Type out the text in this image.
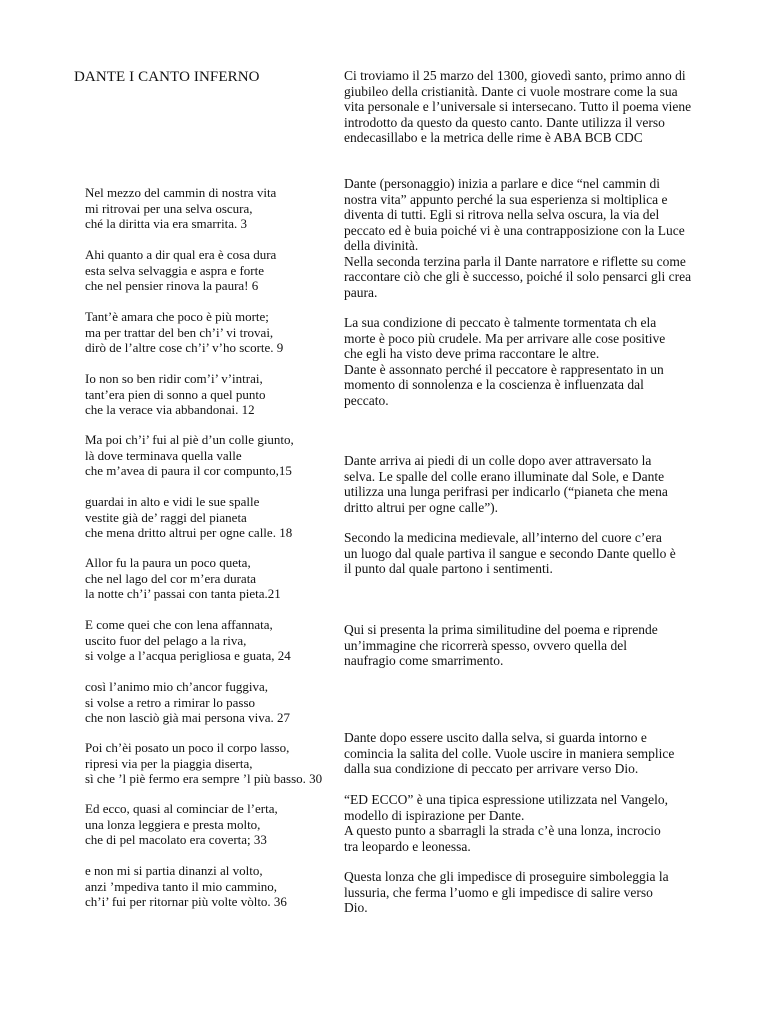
DANTE I CANTO INFERNO
Nel mezzo del cammin di nostra vita
mi ritrovai per una selva oscura,
ché la diritta via era smarrita. 3
Ahi quanto a dir qual era è cosa dura
esta selva selvaggia e aspra e forte
che nel pensier rinova la paura! 6
Tant’è amara che poco è più morte;
ma per trattar del ben ch’i’ vi trovai,
dirò de l’altre cose ch’i’ v’ho scorte. 9
Io non so ben ridir com’i’ v’intrai,
tant’era pien di sonno a quel punto
che la verace via abbandonai. 12
Ma poi ch’i’ fui al piè d’un colle giunto,
là dove terminava quella valle
che m’avea di paura il cor compunto,15
guardai in alto e vidi le sue spalle
vestite già de’ raggi del pianeta
che mena dritto altrui per ogne calle. 18
Allor fu la paura un poco queta,
che nel lago del cor m’era durata
la notte ch’i’ passai con tanta pieta.21
E come quei che con lena affannata,
uscito fuor del pelago a la riva,
si volge a l’acqua perigliosa e guata, 24
così l’animo mio ch’ancor fuggiva,
si volse a retro a rimirar lo passo
che non lasciò già mai persona viva. 27
Poi ch’èi posato un poco il corpo lasso,
ripresi via per la piaggia diserta,
sì che ’l piè fermo era sempre ’l più basso. 30
Ed ecco, quasi al cominciar de l’erta,
una lonza leggiera e presta molto,
che di pel macolato era coverta; 33
e non mi si partia dinanzi al volto,
anzi ’mpediva tanto il mio cammino,
ch’i’ fui per ritornar più volte vòlto. 36
Ci troviamo il 25 marzo del 1300, giovedì santo, primo anno di
giubileo della cristianità. Dante ci vuole mostrare come la sua
vita personale e l’universale si intersecano. Tutto il poema viene
introdotto da questo da questo canto. Dante utilizza il verso
endecasillabo e la metrica delle rime è ABA BCB CDC
Dante (personaggio) inizia a parlare e dice “nel cammin di
nostra vita” appunto perché la sua esperienza si moltiplica e
diventa di tutti. Egli si ritrova nella selva oscura, la via del
peccato ed è buia poiché vi è una contrapposizione con la Luce
della divinità.
Nella seconda terzina parla il Dante narratore e riflette su come
raccontare ciò che gli è successo, poiché il solo pensarci gli crea
paura.
La sua condizione di peccato è talmente tormentata ch ela
morte è poco più crudele. Ma per arrivare alle cose positive
che egli ha visto deve prima raccontare le altre.
Dante è assonnato perché il peccatore è rappresentato in un
momento di sonnolenza e la coscienza è influenzata dal
peccato.
Dante arriva ai piedi di un colle dopo aver attraversato la
selva. Le spalle del colle erano illuminate dal Sole, e Dante
utilizza una lunga perifrasi per indicarlo (“pianeta che mena
dritto altrui per ogne calle”).
Secondo la medicina medievale, all’interno del cuore c’era
un luogo dal quale partiva il sangue e secondo Dante quello è
il punto dal quale partono i sentimenti.
Qui si presenta la prima similitudine del poema e riprende
un’immagine che ricorrerà spesso, ovvero quella del
naufragio come smarrimento.
Dante dopo essere uscito dalla selva, si guarda intorno e
comincia la salita del colle. Vuole uscire in maniera semplice
dalla sua condizione di peccato per arrivare verso Dio.
“ED ECCO” è una tipica espressione utilizzata nel Vangelo,
modello di ispirazione per Dante.
A questo punto a sbarragli la strada c’è una lonza, incrocio
tra leopardo e leonessa.
Questa lonza che gli impedisce di proseguire simboleggia la
lussuria, che ferma l’uomo e gli impedisce di salire verso
Dio.
